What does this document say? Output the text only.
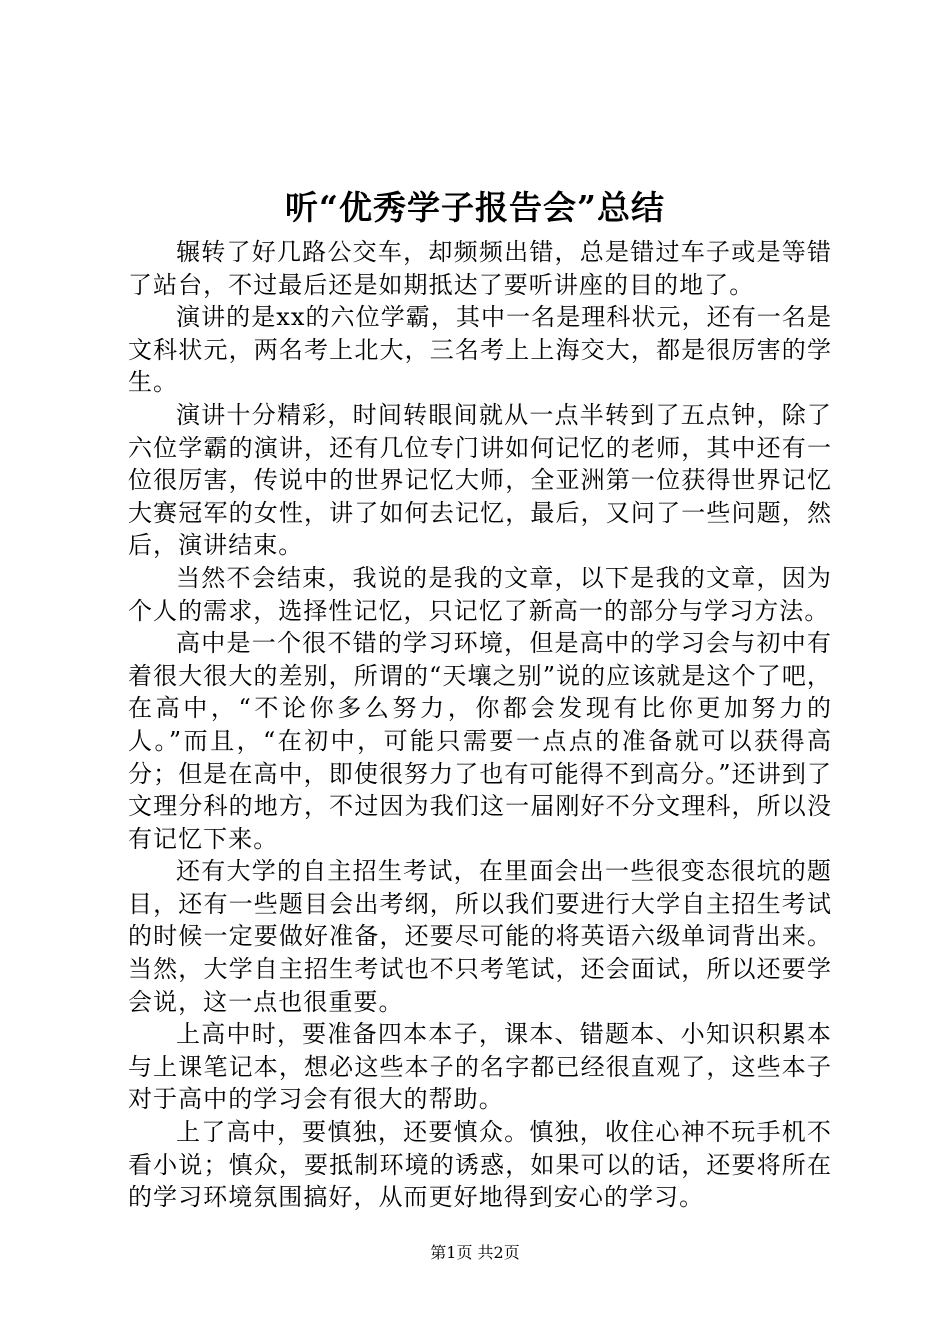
听“优秀学子报告会”总结

辗转了好几路公交车，却频频出错，总是错过车子或是等错了站台，不过最后还是如期抵达了要听讲座的目的地了。

演讲的是xx的六位学霸，其中一名是理科状元，还有一名是文科状元，两名考上北大，三名考上上海交大，都是很厉害的学生。

演讲十分精彩，时间转眼间就从一点半转到了五点钟，除了六位学霸的演讲，还有几位专门讲如何记忆的老师，其中还有一位很厉害，传说中的世界记忆大师，全亚洲第一位获得世界记忆大赛冠军的女性，讲了如何去记忆，最后，又问了一些问题，然后，演讲结束。

当然不会结束，我说的是我的文章，以下是我的文章，因为个人的需求，选择性记忆，只记忆了新高一的部分与学习方法。

高中是一个很不错的学习环境，但是高中的学习会与初中有着很大很大的差别，所谓的“天壤之别”说的应该就是这个了吧，在高中，“不论你多么努力，你都会发现有比你更加努力的人。”而且，“在初中，可能只需要一点点的准备就可以获得高分；但是在高中，即使很努力了也有可能得不到高分。”还讲到了文理分科的地方，不过因为我们这一届刚好不分文理科，所以没有记忆下来。

还有大学的自主招生考试，在里面会出一些很变态很坑的题目，还有一些题目会出考纲，所以我们要进行大学自主招生考试的时候一定要做好准备，还要尽可能的将英语六级单词背出来。当然，大学自主招生考试也不只考笔试，还会面试，所以还要学会说，这一点也很重要。

上高中时，要准备四本本子，课本、错题本、小知识积累本与上课笔记本，想必这些本子的名字都已经很直观了，这些本子对于高中的学习会有很大的帮助。

上了高中，要慎独，还要慎众。慎独，收住心神不玩手机不看小说；慎众，要抵制环境的诱惑，如果可以的话，还要将所在的学习环境氛围搞好，从而更好地得到安心的学习。

第1页 共2页
